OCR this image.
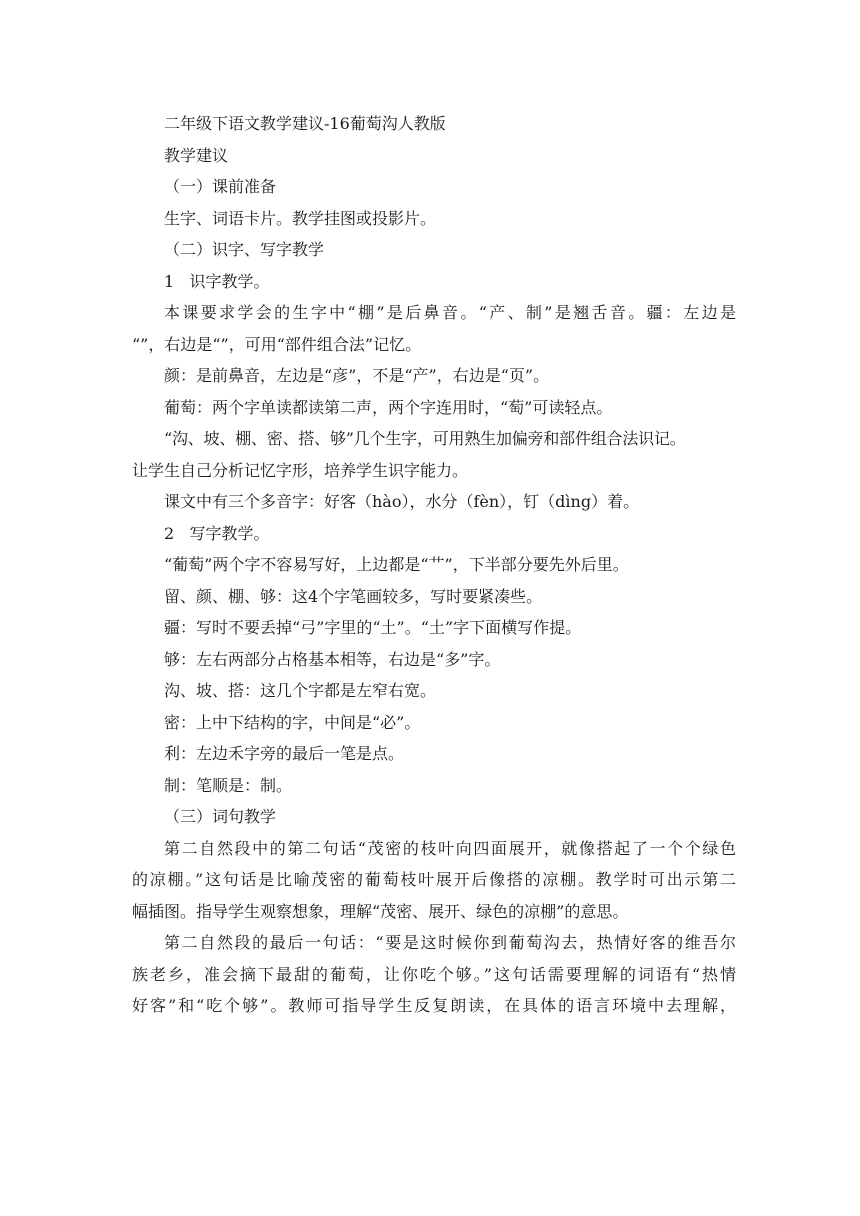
二年级下语文教学建议-16葡萄沟人教版
教学建议
（一）课前准备
生字、词语卡片。教学挂图或投影片。
（二）识字、写字教学
1   识字教学。
本课要求学会的生字中“棚”是后鼻音。“产、制”是翘舌音。疆：左边是
“”，右边是“”，可用“部件组合法”记忆。
颜：是前鼻音，左边是“彦”，不是“产”，右边是“页”。
葡萄：两个字单读都读第二声，两个字连用时，“萄”可读轻点。
“沟、坡、棚、密、搭、够”几个生字，可用熟生加偏旁和部件组合法识记。
让学生自己分析记忆字形，培养学生识字能力。
课文中有三个多音字：好客（hào），水分（fèn），钉（dìng）着。
2   写字教学。
“葡萄”两个字不容易写好，上边都是“艹”，下半部分要先外后里。
留、颜、棚、够：这4个字笔画较多，写时要紧凑些。
疆：写时不要丢掉“弓”字里的“土”。“土”字下面横写作提。
够：左右两部分占格基本相等，右边是“多”字。
沟、坡、搭：这几个字都是左窄右宽。
密：上中下结构的字，中间是“必”。
利：左边禾字旁的最后一笔是点。
制：笔顺是：制。
（三）词句教学
第二自然段中的第二句话“茂密的枝叶向四面展开，就像搭起了一个个绿色
的凉棚。”这句话是比喻茂密的葡萄枝叶展开后像搭的凉棚。教学时可出示第二
幅插图。指导学生观察想象，理解“茂密、展开、绿色的凉棚”的意思。
第二自然段的最后一句话：“要是这时候你到葡萄沟去，热情好客的维吾尔
族老乡，准会摘下最甜的葡萄，让你吃个够。”这句话需要理解的词语有“热情
好客”和“吃个够”。教师可指导学生反复朗读，在具体的语言环境中去理解，
